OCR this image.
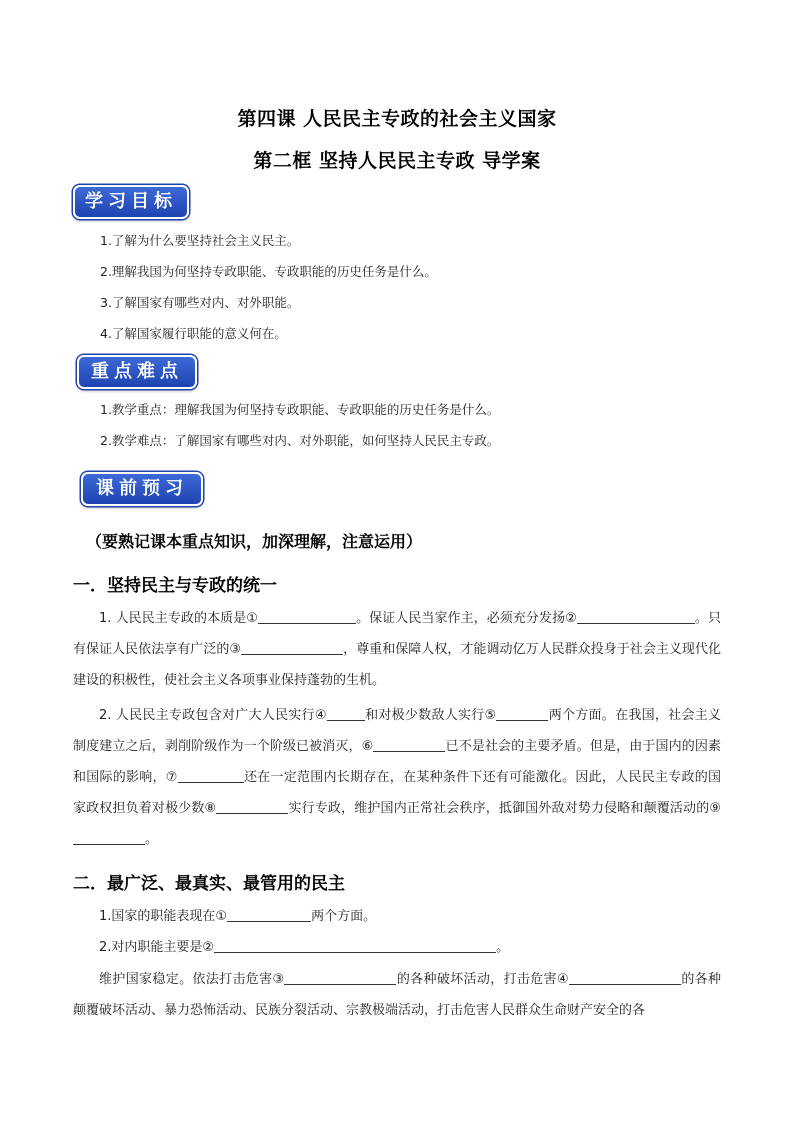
第四课 人民民主专政的社会主义国家
第二框 坚持人民民主专政 导学案
学习目标
1.了解为什么要坚持社会主义民主。
2.理解我国为何坚持专政职能、专政职能的历史任务是什么。
3.了解国家有哪些对内、对外职能。
4.了解国家履行职能的意义何在。
重点难点
1.教学重点：理解我国为何坚持专政职能、专政职能的历史任务是什么。
2.教学难点：了解国家有哪些对内、对外职能，如何坚持人民民主专政。
课前预习
（要熟记课本重点知识，加深理解，注意运用）
一．坚持民主与专政的统一
1. 人民民主专政的本质是①	。保证人民当家作主，必须充分发扬②	。只有保证人民依法享有广泛的③	，尊重和保障人权，才能调动亿万人民群众投身于社会主义现代化建设的积极性，使社会主义各项事业保持蓬勃的生机。
2. 人民民主专政包含对广大人民实行④	和对极少数敌人实行⑤	两个方面。在我国，社会主义制度建立之后，剥削阶级作为一个阶级已被消灭，⑥	已不是社会的主要矛盾。但是，由于国内的因素和国际的影响，⑦	还在一定范围内长期存在，在某种条件下还有可能激化。因此，人民民主专政的国家政权担负着对极少数⑧	实行专政，维护国内正常社会秩序，抵御国外敌对势力侵略和颠覆活动的⑨。
二．最广泛、最真实、最管用的民主
1.国家的职能表现在①	两个方面。
2.对内职能主要是②	。
维护国家稳定。依法打击危害③	的各种破坏活动，打击危害④	的各种颠覆破坏活动、暴力恐怖活动、民族分裂活动、宗教极端活动，打击危害人民群众生命财产安全的各
